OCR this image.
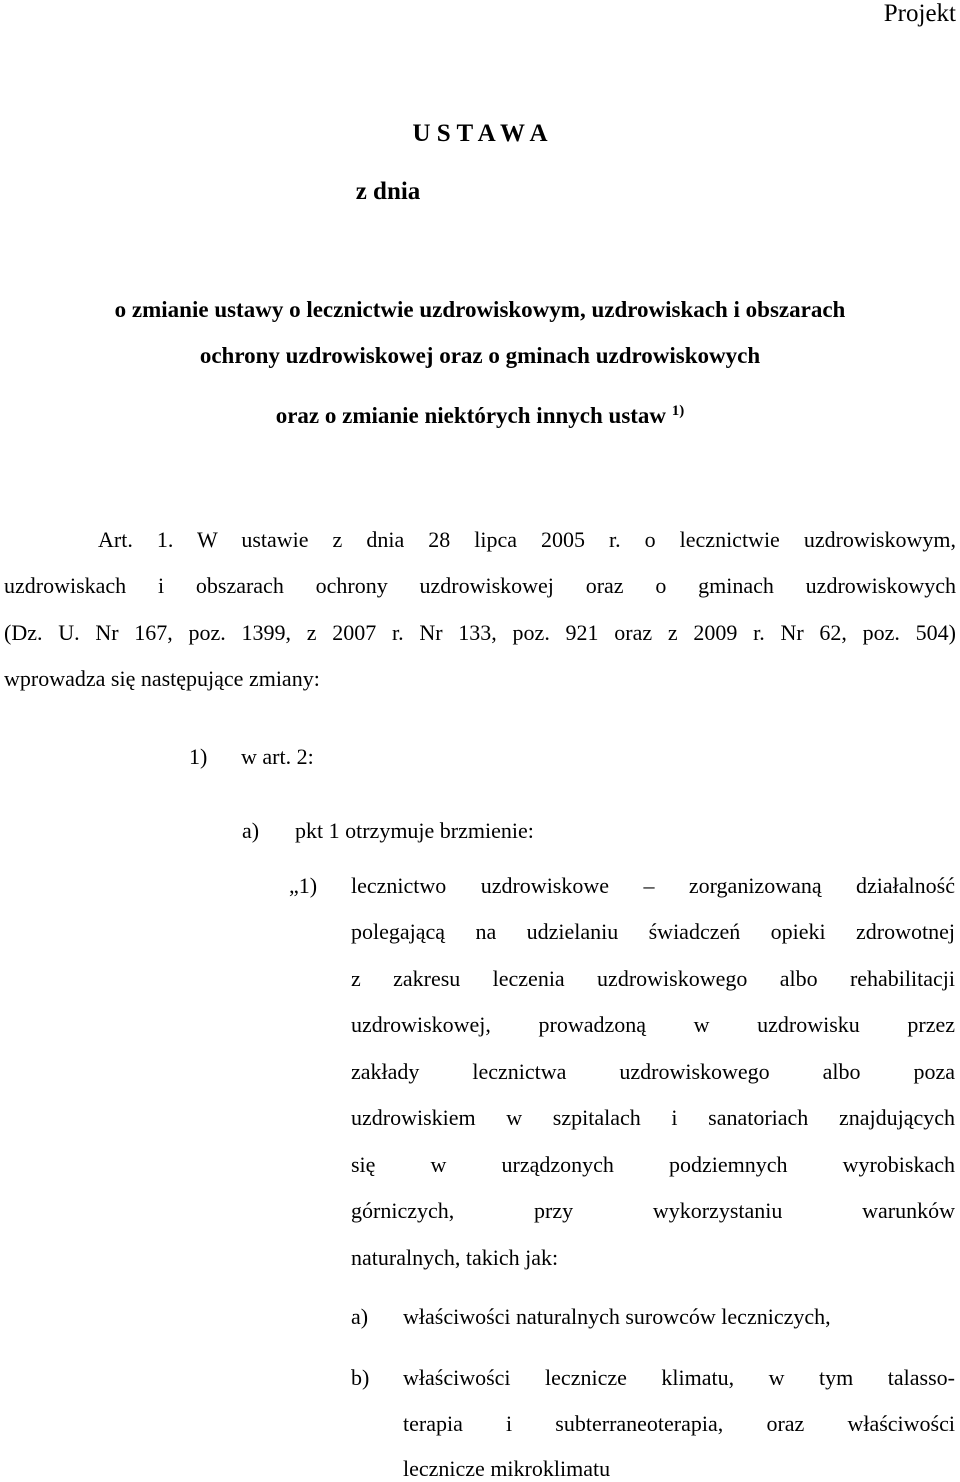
Projekt
U S T A W A
z dnia
o zmianie ustawy o lecznictwie uzdrowiskowym, uzdrowiskach i obszarach
ochrony uzdrowiskowej oraz o gminach uzdrowiskowych
oraz o zmianie niektórych innych ustaw $^{1)}$
Art. 1. W ustawie z dnia 28 lipca 2005 r. o lecznictwie uzdrowiskowym,
uzdrowiskach i obszarach ochrony uzdrowiskowej oraz o gminach uzdrowiskowych
(Dz. U. Nr 167, poz. 1399, z 2007 r. Nr 133, poz. 921 oraz z 2009 r. Nr 62, poz. 504)
wprowadza się następujące zmiany:
1) w art. 2:
a) pkt 1 otrzymuje brzmienie:
„1) lecznictwo uzdrowiskowe – zorganizowaną działalność
polegającą na udzielaniu świadczeń opieki zdrowotnej
z zakresu leczenia uzdrowiskowego albo rehabilitacji
uzdrowiskowej, prowadzoną w uzdrowisku przez
zakłady lecznictwa uzdrowiskowego albo poza
uzdrowiskiem w szpitalach i sanatoriach znajdujących
się w urządzonych podziemnych wyrobiskach
górniczych, przy wykorzystaniu warunków
naturalnych, takich jak:
a) właściwości naturalnych surowców leczniczych,
b) właściwości lecznicze klimatu, w tym talasso-
terapia i subterraneoterapia, oraz właściwości
lecznicze mikroklimatu
